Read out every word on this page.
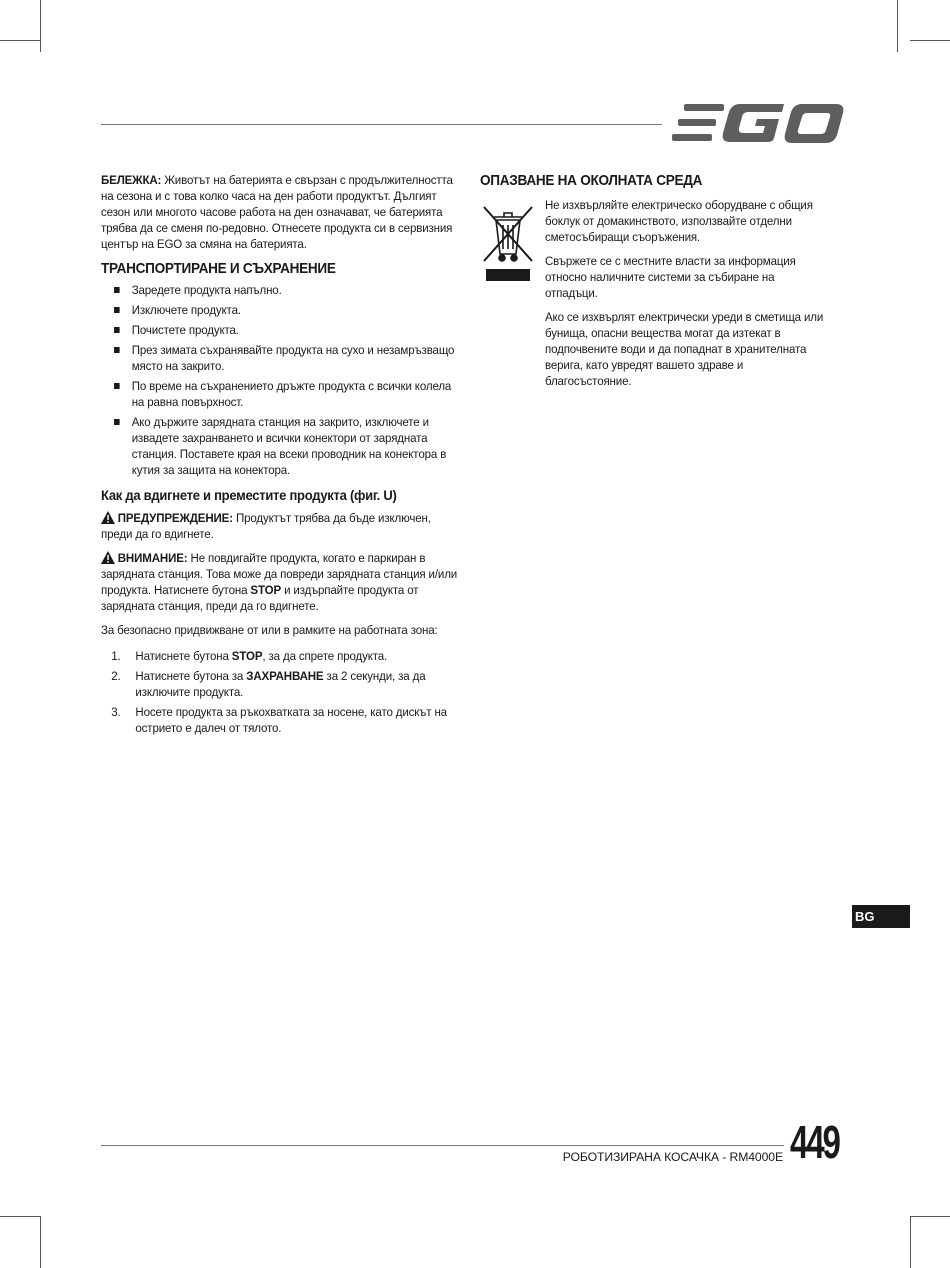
БЕЛЕЖКА: Животът на батерията е свързан с продължителността на сезона и с това колко часа на ден работи продуктът. Дългият сезон или многото часове работа на ден означават, че батерията трябва да се сменя по-редовно. Отнесете продукта си в сервизния център на EGO за смяна на батерията.

ТРАНСПОРТИРАНЕ И СЪХРАНЕНИЕ
Заредете продукта напълно.
Изключете продукта.
Почистете продукта.
През зимата съхранявайте продукта на сухо и незамръзващо място на закрито.
По време на съхранението дръжте продукта с всички колела на равна повърхност.
Ако държите зарядната станция на закрито, изключете и извадете захранването и всички конектори от зарядната станция. Поставете края на всеки проводник на конектора в кутия за защита на конектора.
Как да вдигнете и преместите продукта (фиг. U)

ПРЕДУПРЕЖДЕНИЕ: Продуктът трябва да бъде изключен, преди да го вдигнете.

ВНИМАНИЕ: Не повдигайте продукта, когато е паркиран в зарядната станция. Това може да повреди зарядната станция и/или продукта. Натиснете бутона STOP и издърпайте продукта от зарядната станция, преди да го вдигнете.

За безопасно придвижване от или в рамките на работната зона:

1. Натиснете бутона STOP, за да спрете продукта.
2. Натиснете бутона за ЗАХРАНВАНЕ за 2 секунди, за да изключите продукта.
3. Носете продукта за ръкохватката за носене, като дискът на острието е далеч от тялото.
ОПАЗВАНЕ НА ОКОЛНАТА СРЕДА

Не изхвърляйте електрическо оборудване с общия боклук от домакинството, използвайте отделни сметосъбиращи съоръжения.

Свържете се с местните власти за информация относно наличните системи за събиране на отпадъци.

Ако се изхвърлят електрически уреди в сметища или бунища, опасни вещества могат да изтекат в подпочвените води и да попаднат в хранителната верига, като увредят вашето здраве и благосъстояние.

BG
РОБОТИЗИРАНА КОСАЧКА - RM4000E 449
